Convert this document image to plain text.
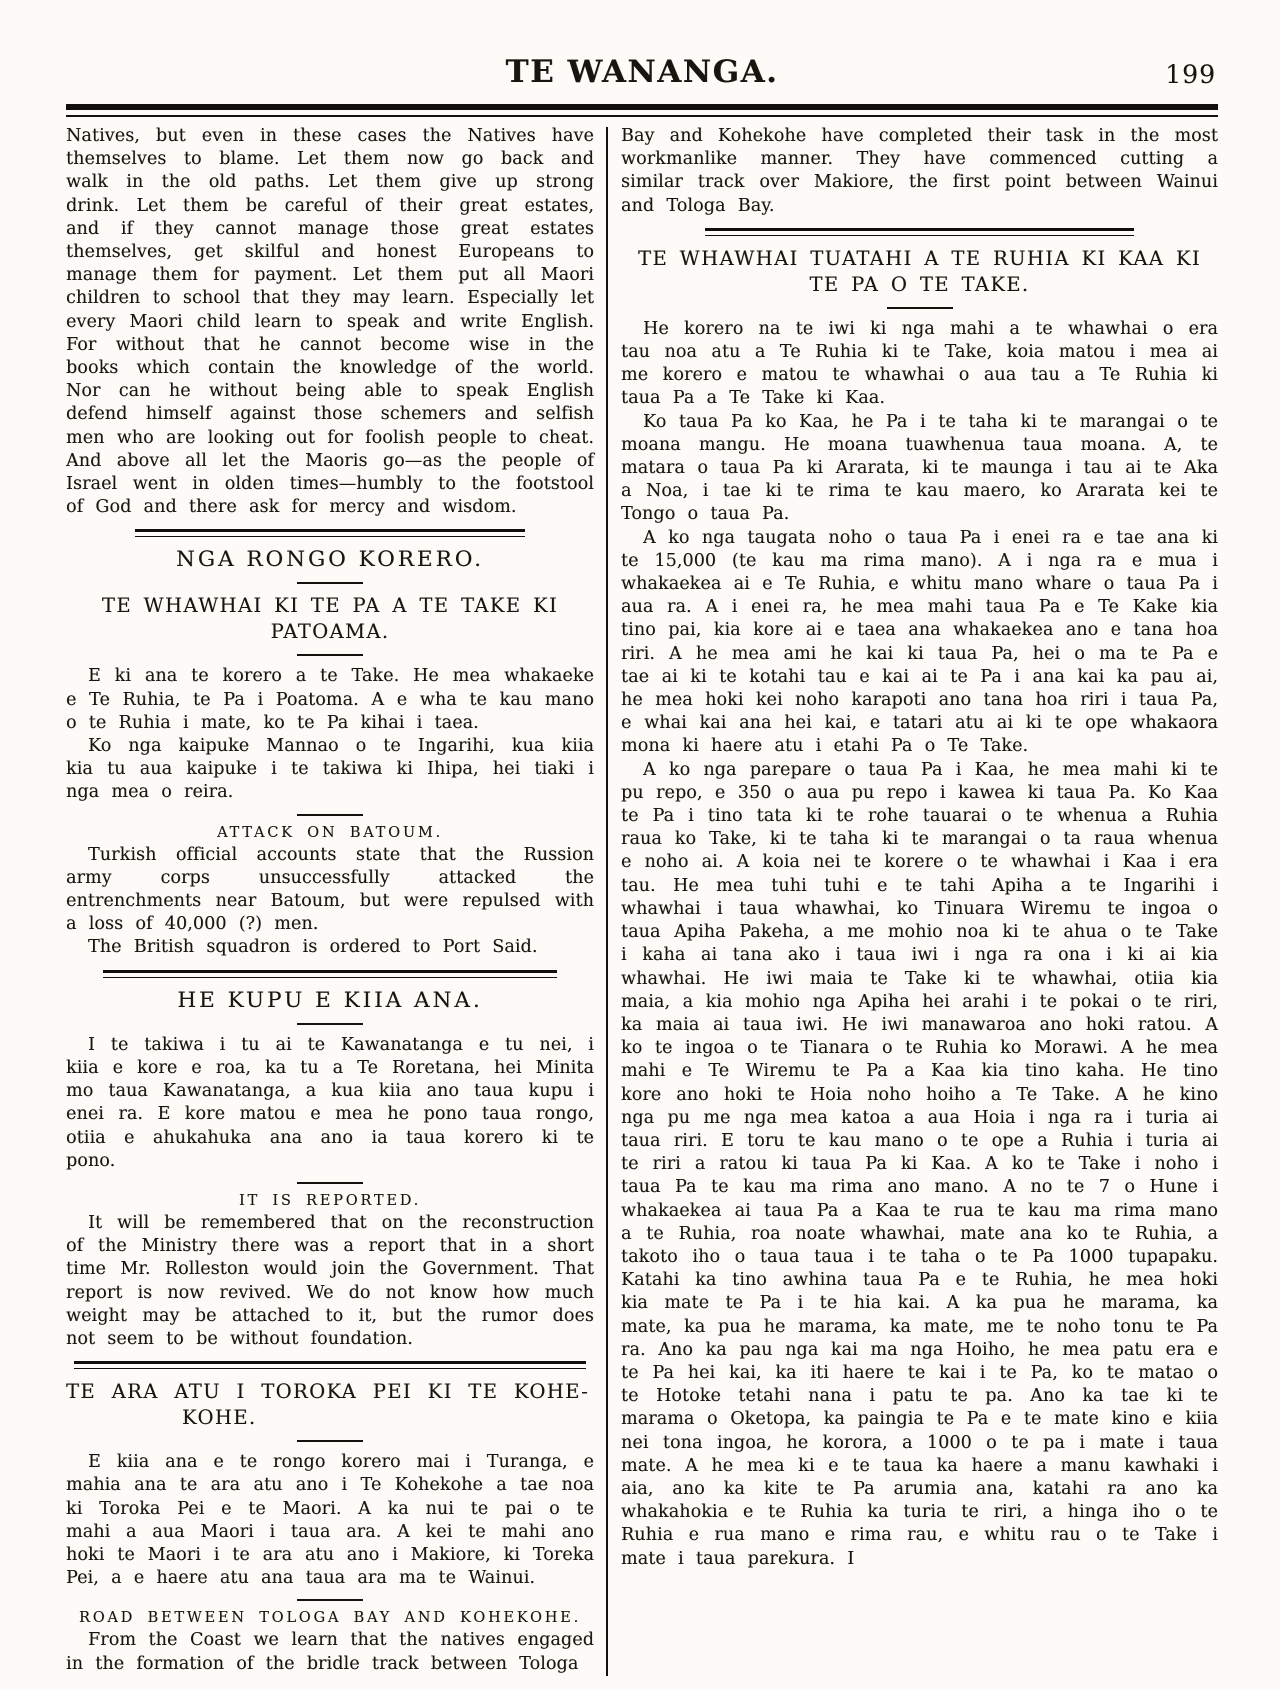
TE WANANGA.	199

Natives, but even in these cases the Natives have themselves to blame. Let them now go back and walk in the old paths. Let them give up strong drink. Let them be careful of their great estates, and if they cannot manage those great estates themselves, get skilful and honest Europeans to manage them for payment. Let them put all Maori children to school that they may learn. Especially let every Maori child learn to speak and write English. For without that he cannot become wise in the books which contain the knowledge of the world. Nor can he without being able to speak English defend himself against those schemers and selfish men who are looking out for foolish people to cheat. And above all let the Maoris go—as the people of Israel went in olden times—humbly to the footstool of God and there ask for mercy and wisdom.

NGA RONGO KORERO.
TE WHAWHAI KI TE PA A TE TAKE KI PATOAMA.

E ki ana te korero a te Take. He mea whakaeke e Te Ruhia, te Pa i Poatoma. A e wha te kau mano o te Ruhia i mate, ko te Pa kihai i taea.

Ko nga kaipuke Mannao o te Ingarihi, kua kiia kia tu aua kaipuke i te takiwa ki Ihipa, hei tiaki i nga mea o reira.

ATTACK ON BATOUM.

Turkish official accounts state that the Russion army corps unsuccessfully attacked the entrenchments near Batoum, but were repulsed with a loss of 40,000 (?) men.

The British squadron is ordered to Port Said.

HE KUPU E KIIA ANA.

I te takiwa i tu ai te Kawanatanga e tu nei, i kiia e kore e roa, ka tu a Te Roretana, hei Minita mo taua Kawanatanga, a kua kiia ano taua kupu i enei ra. E kore matou e mea he pono taua rongo, otiia e ahukahuka ana ano ia taua korero ki te pono.

IT IS REPORTED.

It will be remembered that on the reconstruction of the Ministry there was a report that in a short time Mr. Rolleston would join the Government. That report is now revived. We do not know how much weight may be attached to it, but the rumor does not seem to be without foundation.

TE ARA ATU I TOROKA PEI KI TE KOHE-KOHE.

E kiia ana e te rongo korero mai i Turanga, e mahia ana te ara atu ano i Te Kohekohe a tae noa ki Toroka Pei e te Maori. A ka nui te pai o te mahi a aua Maori i taua ara. A kei te mahi ano hoki te Maori i te ara atu ano i Makiore, ki Toreka Pei, a e haere atu ana taua ara ma te Wainui.

ROAD BETWEEN TOLOGA BAY AND KOHEKOHE.

From the Coast we learn that the natives engaged in the formation of the bridle track between Tologa

Bay and Kohekohe have completed their task in the most workmanlike manner. They have commenced cutting a similar track over Makiore, the first point between Wainui and Tologa Bay.

TE WHAWHAI TUATAHI A TE RUHIA KI KAA KI TE PA O TE TAKE.

He korero na te iwi ki nga mahi a te whawhai o era tau noa atu a Te Ruhia ki te Take, koia matou i mea ai me korero e matou te whawhai o aua tau a Te Ruhia ki taua Pa a Te Take ki Kaa.

Ko taua Pa ko Kaa, he Pa i te taha ki te marangai o te moana mangu. He moana tuawhenua taua moana. A, te matara o taua Pa ki Ararata, ki te maunga i tau ai te Aka a Noa, i tae ki te rima te kau maero, ko Ararata kei te Tongo o taua Pa.

A ko nga taugata noho o taua Pa i enei ra e tae ana ki te 15,000 (te kau ma rima mano). A i nga ra e mua i whakaekea ai e Te Ruhia, e whitu mano whare o taua Pa i aua ra. A i enei ra, he mea mahi taua Pa e Te Kake kia tino pai, kia kore ai e taea ana whakaekea ano e tana hoa riri. A he mea ami he kai ki taua Pa, hei o ma te Pa e tae ai ki te kotahi tau e kai ai te Pa i ana kai ka pau ai, he mea hoki kei noho karapoti ano tana hoa riri i taua Pa, e whai kai ana hei kai, e tatari atu ai ki te ope whakaora mona ki haere atu i etahi Pa o Te Take.

A ko nga parepare o taua Pa i Kaa, he mea mahi ki te pu repo, e 350 o aua pu repo i kawea ki taua Pa. Ko Kaa te Pa i tino tata ki te rohe tauarai o te whenua a Ruhia raua ko Take, ki te taha ki te marangai o ta raua whenua e noho ai. A koia nei te korere o te whawhai i Kaa i era tau. He mea tuhi tuhi e te tahi Apiha a te Ingarihi i whawhai i taua whawhai, ko Tinuara Wiremu te ingoa o taua Apiha Pakeha, a me mohio noa ki te ahua o te Take i kaha ai tana ako i taua iwi i nga ra ona i ki ai kia whawhai. He iwi maia te Take ki te whawhai, otiia kia maia, a kia mohio nga Apiha hei arahi i te pokai o te riri, ka maia ai taua iwi. He iwi manawaroa ano hoki ratou. A ko te ingoa o te Tianara o te Ruhia ko Morawi. A he mea mahi e Te Wiremu te Pa a Kaa kia tino kaha. He tino kore ano hoki te Hoia noho hoiho a Te Take. A he kino nga pu me nga mea katoa a aua Hoia i nga ra i turia ai taua riri. E toru te kau mano o te ope a Ruhia i turia ai te riri a ratou ki taua Pa ki Kaa. A ko te Take i noho i taua Pa te kau ma rima ano mano. A no te 7 o Hune i whakaekea ai taua Pa a Kaa te rua te kau ma rima mano a te Ruhia, roa noate whawhai, mate ana ko te Ruhia, a takoto iho o taua taua i te taha o te Pa 1000 tupapaku. Katahi ka tino awhina taua Pa e te Ruhia, he mea hoki kia mate te Pa i te hia kai. A ka pua he marama, ka mate, ka pua he marama, ka mate, me te noho tonu te Pa ra. Ano ka pau nga kai ma nga Hoiho, he mea patu era e te Pa hei kai, ka iti haere te kai i te Pa, ko te matao o te Hotoke tetahi nana i patu te pa. Ano ka tae ki te marama o Oketopa, ka paingia te Pa e te mate kino e kiia nei tona ingoa, he korora, a 1000 o te pa i mate i taua mate. A he mea ki e te taua ka haere a manu kawhaki i aia, ano ka kite te Pa arumia ana, katahi ra ano ka whakahokia e te Ruhia ka turia te riri, a hinga iho o te Ruhia e rua mano e rima rau, e whitu rau o te Take i mate i taua parekura. I
